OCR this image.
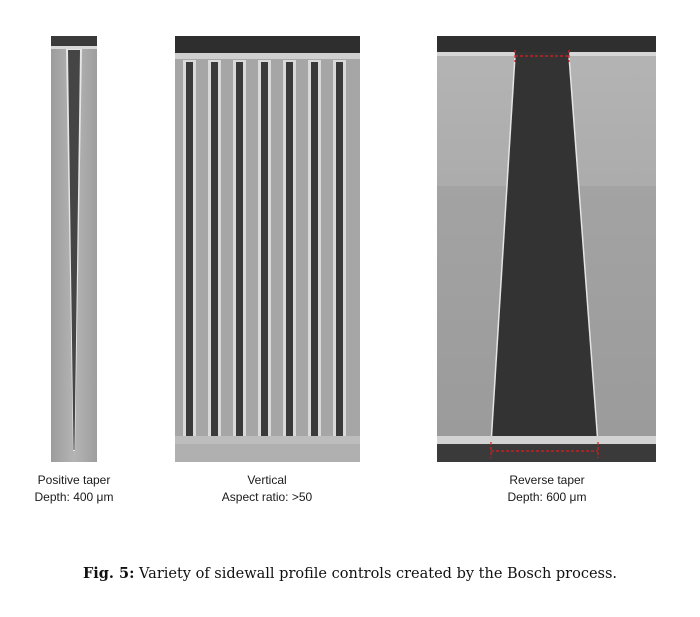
Positive taper
Depth: 400 μm
Vertical
Aspect ratio: >50
Reverse taper
Depth: 600 μm
Fig. 5: Variety of sidewall profile controls created by the Bosch process.
